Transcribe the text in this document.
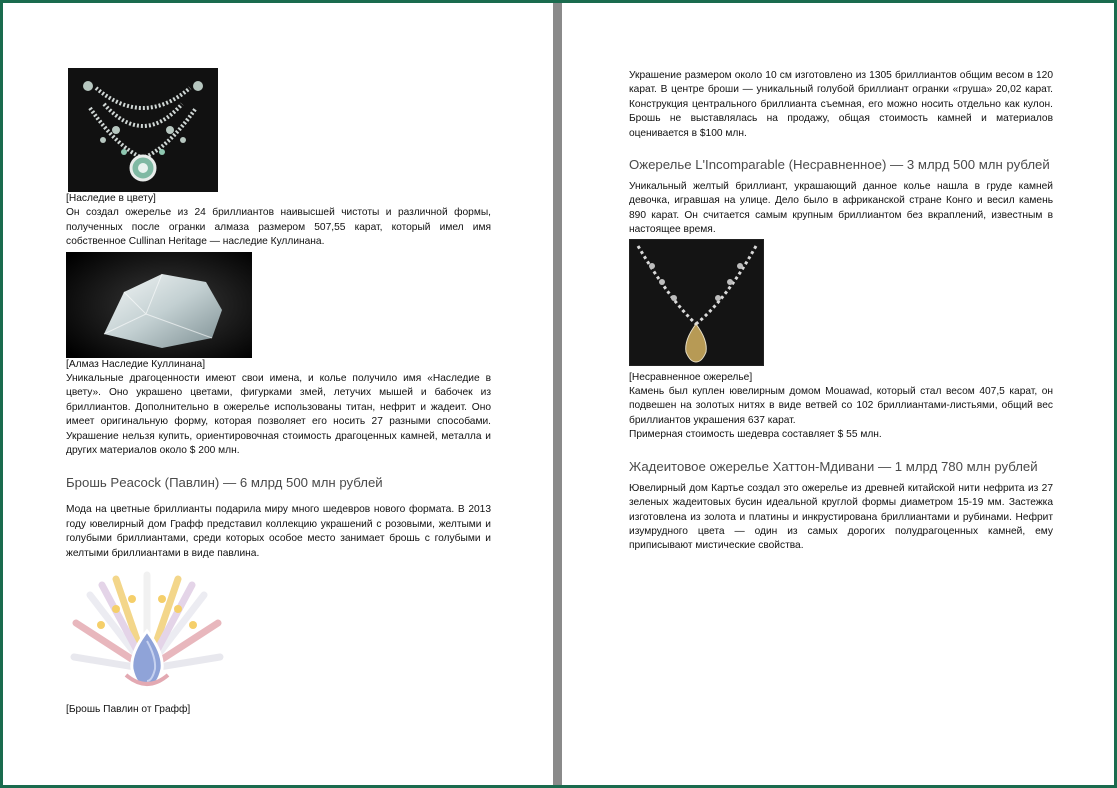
[Наследие в цвету]

Он создал ожерелье из 24 бриллиантов наивысшей чистоты и различной формы, полученных после огранки алмаза размером 507,55 карат, который имел имя собственное Cullinan Heritage — наследие Куллинана.

[Алмаз Наследие Куллинана]

Уникальные драгоценности имеют свои имена, и колье получило имя «Наследие в цвету». Оно украшено цветами, фигурками змей, летучих мышей и бабочек из бриллиантов. Дополнительно в ожерелье использованы титан, нефрит и жадеит. Оно имеет оригинальную форму, которая позволяет его носить 27 разными способами. Украшение нельзя купить, ориентировочная стоимость драгоценных камней, металла и других материалов около $ 200 млн.

Брошь Peacock (Павлин) — 6 млрд 500 млн рублей

Мода на цветные бриллианты подарила миру много шедевров нового формата. В 2013 году ювелирный дом Графф представил коллекцию украшений с розовыми, желтыми и голубыми бриллиантами, среди которых особое место занимает брошь с голубыми и желтыми бриллиантами в виде павлина.

[Брошь Павлин от Графф]

Украшение размером около 10 см изготовлено из 1305 бриллиантов общим весом в 120 карат. В центре броши — уникальный голубой бриллиант огранки «груша» 20,02 карат. Конструкция центрального бриллианта съемная, его можно носить отдельно как кулон. Брошь не выставлялась на продажу, общая стоимость камней и материалов оценивается в $100 млн.

Ожерелье L'Incomparable (Несравненное) — 3 млрд 500 млн рублей

Уникальный желтый бриллиант, украшающий данное колье нашла в груде камней девочка, игравшая на улице. Дело было в африканской стране Конго и весил камень 890 карат. Он считается самым крупным бриллиантом без вкраплений, известным в настоящее время.

[Несравненное ожерелье]

Камень был куплен ювелирным домом Mouawad, который стал весом 407,5 карат, он подвешен на золотых нитях в виде ветвей со 102 бриллиантами-листьями, общий вес бриллиантов украшения 637 карат.

Примерная стоимость шедевра составляет $ 55 млн.

Жадеитовое ожерелье Хаттон-Мдивани — 1 млрд 780 млн рублей

Ювелирный дом Картье создал это ожерелье из древней китайской нити нефрита из 27 зеленых жадеитовых бусин идеальной круглой формы диаметром 15-19 мм. Застежка изготовлена из золота и платины и инкрустирована бриллиантами и рубинами. Нефрит изумрудного цвета — один из самых дорогих полудрагоценных камней, ему приписывают мистические свойства.
